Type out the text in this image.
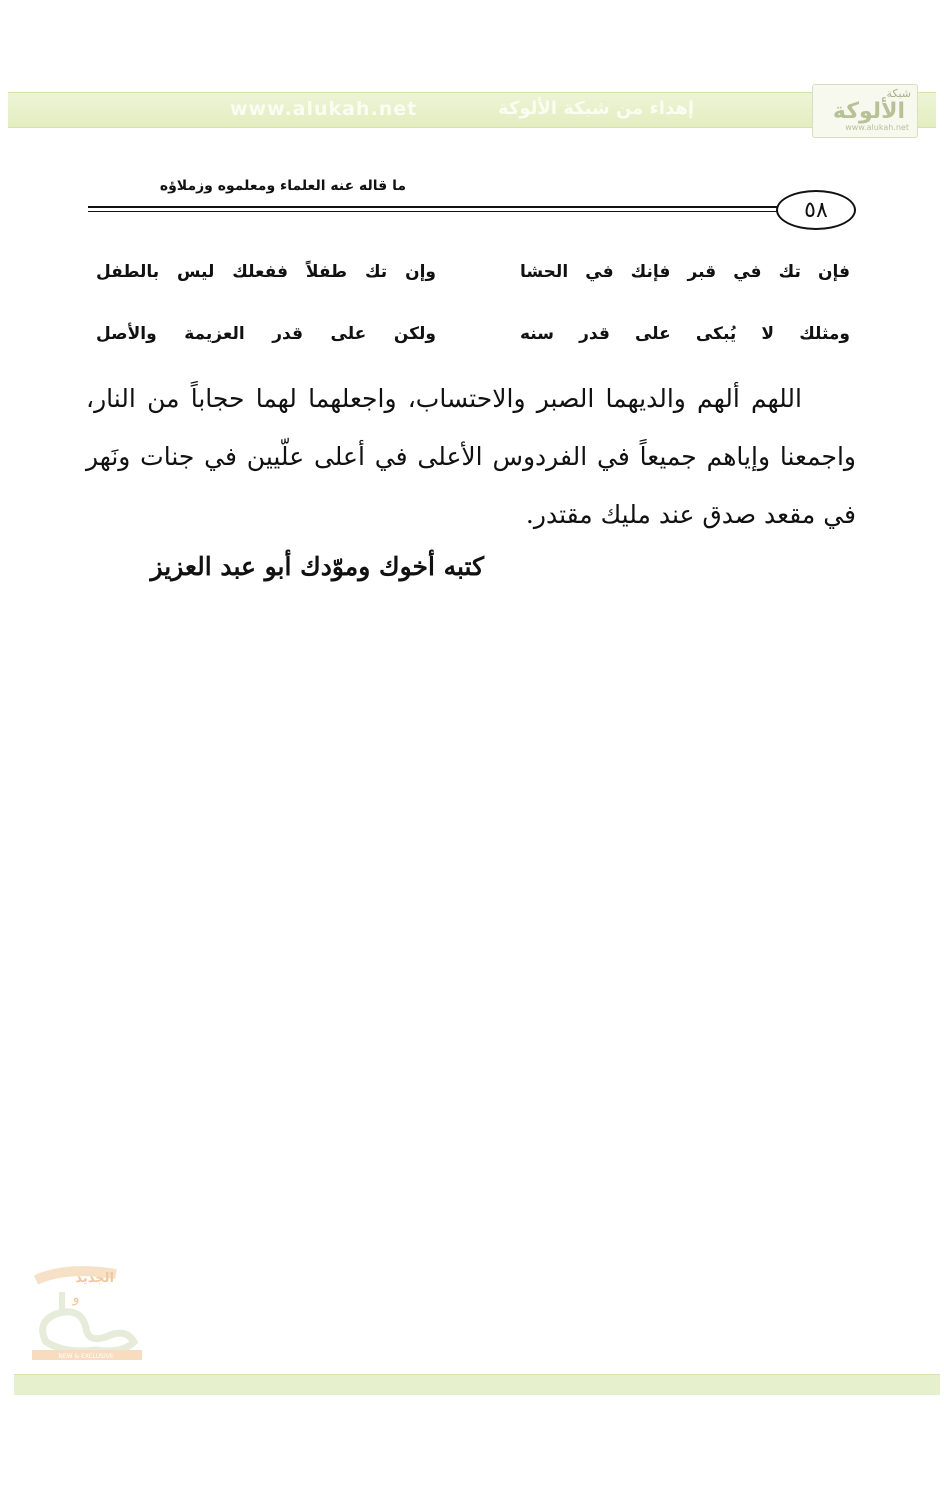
www.alukah.net	إهداء من شبكة الألوكة
شبكة
الألوكة
www.alukah.net
ما قاله عنه العلماء ومعلموه وزملاؤه
٥٨
فإن تك في قبر فإنك في الحشا
وإن تك طفلاً ففعلك ليس بالطفل
ومثلك لا يُبكى على قدر سنه
ولكن على قدر العزيمة والأصل

اللهم ألهم والديهما الصبر والاحتساب، واجعلهما لهما حجاباً من النار، واجمعنا وإياهم جميعاً في الفردوس الأعلى في أعلى علّيين في جنات ونَهر في مقعد صدق عند مليك مقتدر.

كتبه أخوك وموّدك أبو عبد العزيز
الجديد
و
NEW & EXCLUSIVE
